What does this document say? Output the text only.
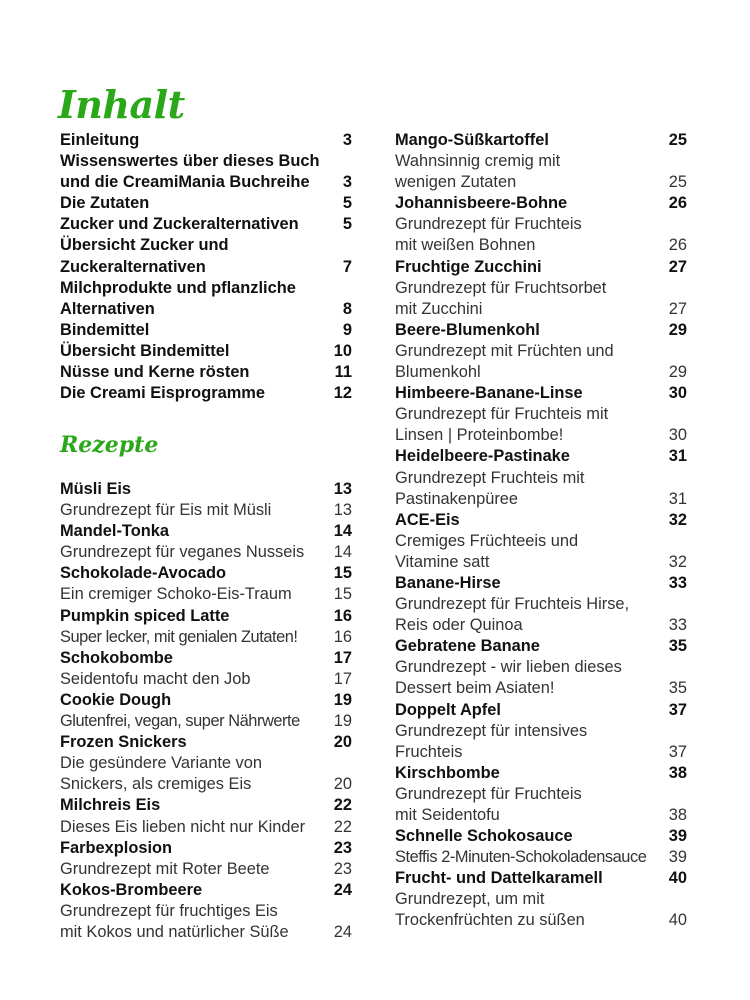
Inhalt
Rezepte
Einleitung	3
Wissenswertes über dieses Buch
und die CreamiMania Buchreihe 3
Die Zutaten	5
Zucker und Zuckeralternativen	5
Übersicht Zucker und
Zuckeralternativen	7
Milchprodukte und pflanzliche
Alternativen	8
Bindemittel	9
Übersicht Bindemittel	10
Nüsse und Kerne rösten	11
Die Creami Eisprogramme	12
Müsli Eis	13
Grundrezept für Eis mit Müsli	13
Mandel-Tonka	14
Grundrezept für veganes Nusseis 14
Schokolade-Avocado	15
Ein cremiger Schoko-Eis-Traum	15
Pumpkin spiced Latte	16
Super lecker, mit genialen Zutaten! 16
Schokobombe	17
Seidentofu macht den Job	17
Cookie Dough	19
Glutenfrei, vegan, super Nährwerte 19
Frozen Snickers	20
Die gesündere Variante von
Snickers, als cremiges Eis	20
Milchreis Eis	22
Dieses Eis lieben nicht nur Kinder 22
Farbexplosion	23
Grundrezept mit Roter Beete	23
Kokos-Brombeere	24
Grundrezept für fruchtiges Eis
mit Kokos und natürlicher Süße	24
Mango-Süßkartoffel	25
Wahnsinnig cremig mit
wenigen Zutaten	25
Johannisbeere-Bohne	26
Grundrezept für Fruchteis
mit weißen Bohnen	26
Fruchtige Zucchini	27
Grundrezept für Fruchtsorbet
mit Zucchini	27
Beere-Blumenkohl	29
Grundrezept mit Früchten und
Blumenkohl	29
Himbeere-Banane-Linse	30
Grundrezept für Fruchteis mit
Linsen | Proteinbombe!	30
Heidelbeere-Pastinake	31
Grundrezept Fruchteis mit
Pastinakenpüree	31
ACE-Eis	32
Cremiges Früchteeis und
Vitamine satt	32
Banane-Hirse	33
Grundrezept für Fruchteis Hirse,
Reis oder Quinoa	33
Gebratene Banane	35
Grundrezept - wir lieben dieses
Dessert beim Asiaten!	35
Doppelt Apfel	37
Grundrezept für intensives
Fruchteis	37
Kirschbombe	38
Grundrezept für Fruchteis
mit Seidentofu	38
Schnelle Schokosauce	39
Steffis 2-Minuten-Schokoladensauce 39
Frucht- und Dattelkaramell	40
Grundrezept, um mit
Trockenfrüchten zu süßen	40
